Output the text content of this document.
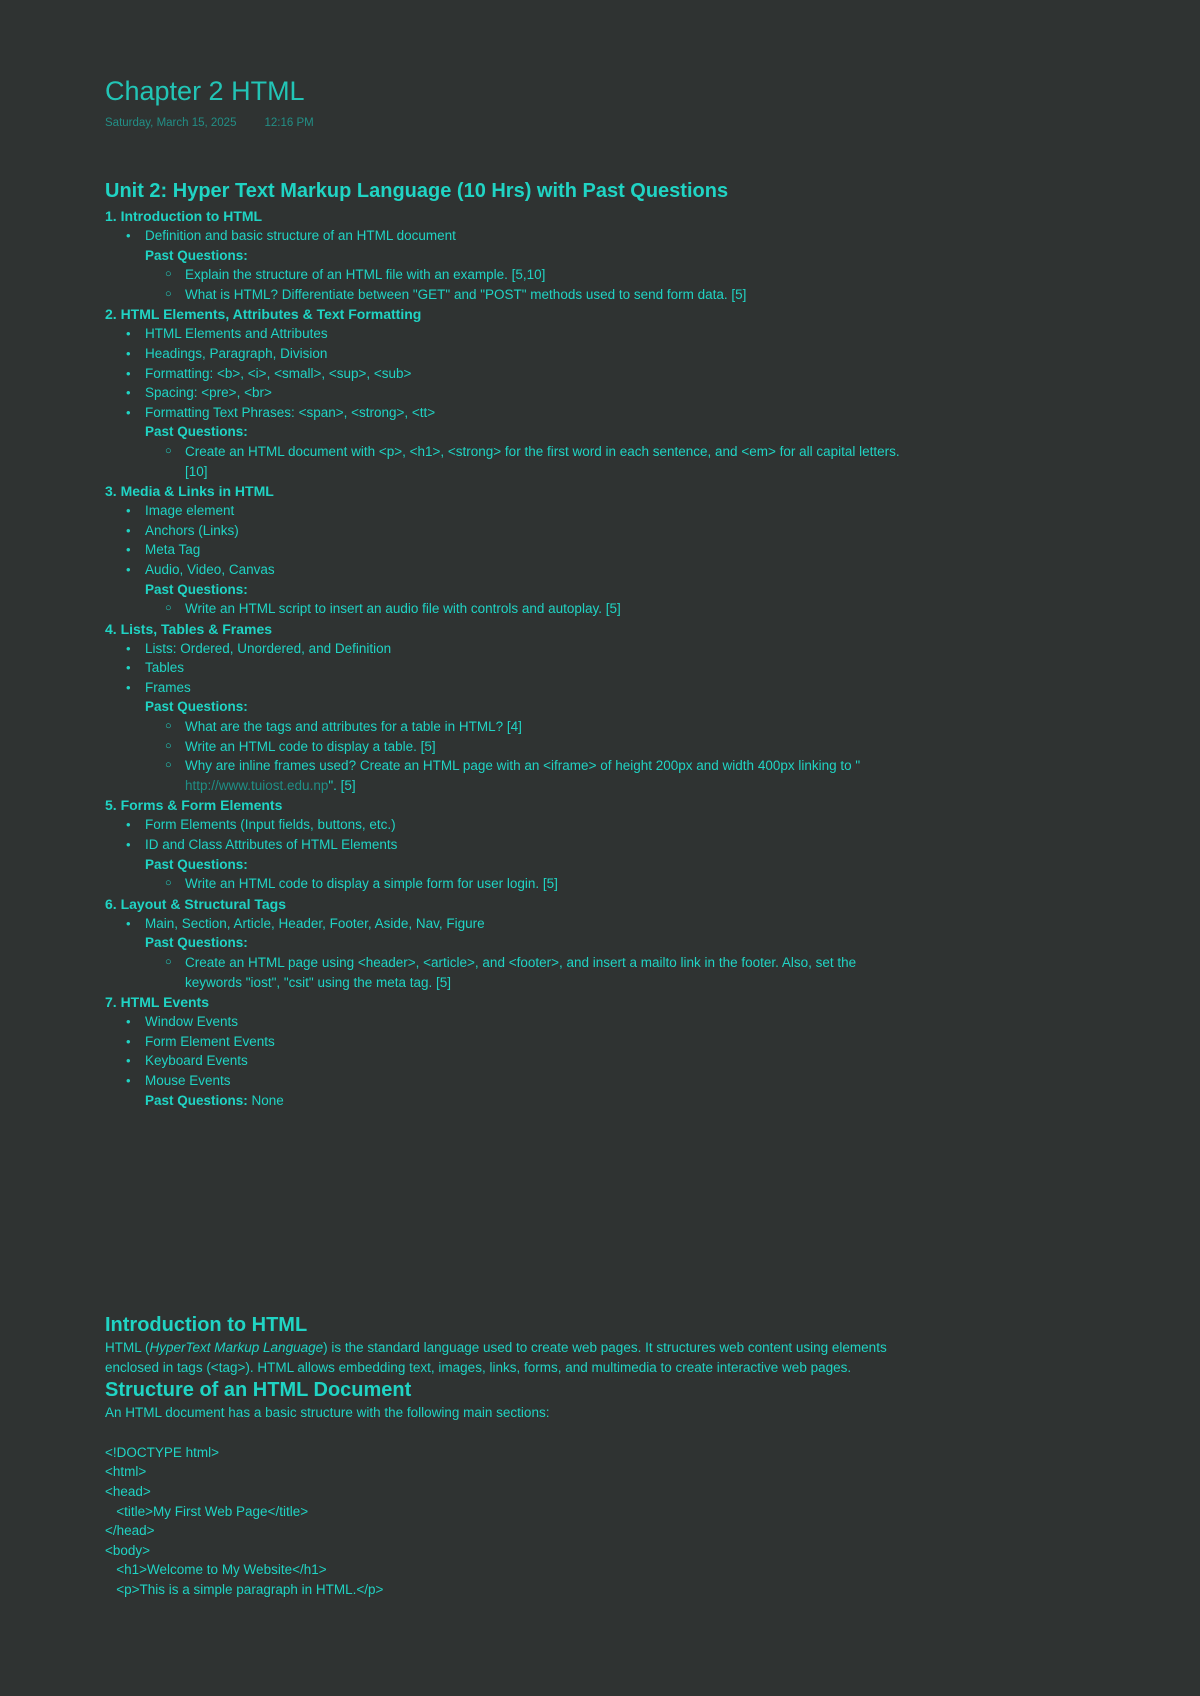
Chapter 2 HTML
Saturday, March 15, 2025 12:16 PM
Unit 2: Hyper Text Markup Language (10 Hrs) with Past Questions
1. Introduction to HTML
• Definition and basic structure of an HTML document
Past Questions:
○ Explain the structure of an HTML file with an example. [5,10]
○ What is HTML? Differentiate between "GET" and "POST" methods used to send form data. [5]
2. HTML Elements, Attributes & Text Formatting
• HTML Elements and Attributes
• Headings, Paragraph, Division
• Formatting: <b>, <i>, <small>, <sup>, <sub>
• Spacing: <pre>, <br>
• Formatting Text Phrases: <span>, <strong>, <tt>
Past Questions:
○ Create an HTML document with <p>, <h1>, <strong> for the first word in each sentence, and <em> for all capital letters. [10]
3. Media & Links in HTML
• Image element
• Anchors (Links)
• Meta Tag
• Audio, Video, Canvas
Past Questions:
○ Write an HTML script to insert an audio file with controls and autoplay. [5]
4. Lists, Tables & Frames
• Lists: Ordered, Unordered, and Definition
• Tables
• Frames
Past Questions:
○ What are the tags and attributes for a table in HTML? [4]
○ Write an HTML code to display a table. [5]
○ Why are inline frames used? Create an HTML page with an <iframe> of height 200px and width 400px linking to " http://www.tuiost.edu.np". [5]
5. Forms & Form Elements
• Form Elements (Input fields, buttons, etc.)
• ID and Class Attributes of HTML Elements
Past Questions:
○ Write an HTML code to display a simple form for user login. [5]
6. Layout & Structural Tags
• Main, Section, Article, Header, Footer, Aside, Nav, Figure
Past Questions:
○ Create an HTML page using <header>, <article>, and <footer>, and insert a mailto link in the footer. Also, set the keywords "iost", "csit" using the meta tag. [5]
7. HTML Events
• Window Events
• Form Element Events
• Keyboard Events
• Mouse Events
Past Questions: None
Introduction to HTML

HTML (HyperText Markup Language) is the standard language used to create web pages. It structures web content using elements enclosed in tags (<tag>). HTML allows embedding text, images, links, forms, and multimedia to create interactive web pages.

Structure of an HTML Document

An HTML document has a basic structure with the following main sections:

<!DOCTYPE html>
<html>
<head>
<title>My First Web Page</title>
</head>
<body>
<h1>Welcome to My Website</h1>
<p>This is a simple paragraph in HTML.</p>
